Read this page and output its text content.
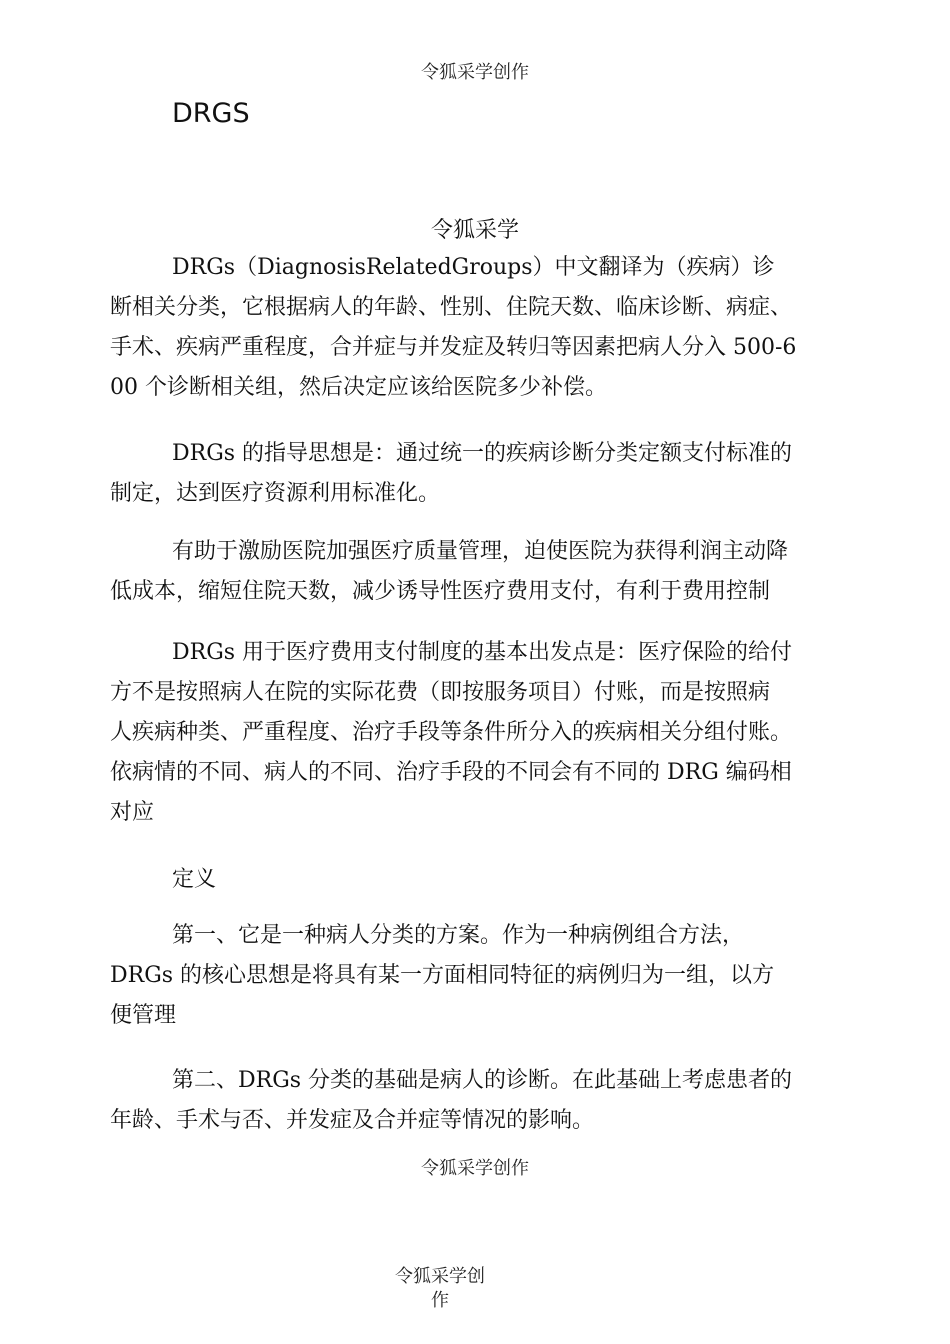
令狐采学创作
DRGS
令狐采学
DRGs（DiagnosisRelatedGroups）中文翻译为（疾病）诊
断相关分类，它根据病人的年龄、性别、住院天数、临床诊断、病症、
手术、疾病严重程度，合并症与并发症及转归等因素把病人分入 500-6
00 个诊断相关组，然后决定应该给医院多少补偿。
DRGs 的指导思想是：通过统一的疾病诊断分类定额支付标准的
制定，达到医疗资源利用标准化。
有助于激励医院加强医疗质量管理，迫使医院为获得利润主动降
低成本，缩短住院天数，减少诱导性医疗费用支付，有利于费用控制
DRGs 用于医疗费用支付制度的基本出发点是：医疗保险的给付
方不是按照病人在院的实际花费（即按服务项目）付账，而是按照病
人疾病种类、严重程度、治疗手段等条件所分入的疾病相关分组付账。
依病情的不同、病人的不同、治疗手段的不同会有不同的 DRG 编码相
对应
定义
第一、它是一种病人分类的方案。作为一种病例组合方法，
DRGs 的核心思想是将具有某一方面相同特征的病例归为一组，以方
便管理
第二、DRGs 分类的基础是病人的诊断。在此基础上考虑患者的
年龄、手术与否、并发症及合并症等情况的影响。
令狐采学创作
令狐采学创作
